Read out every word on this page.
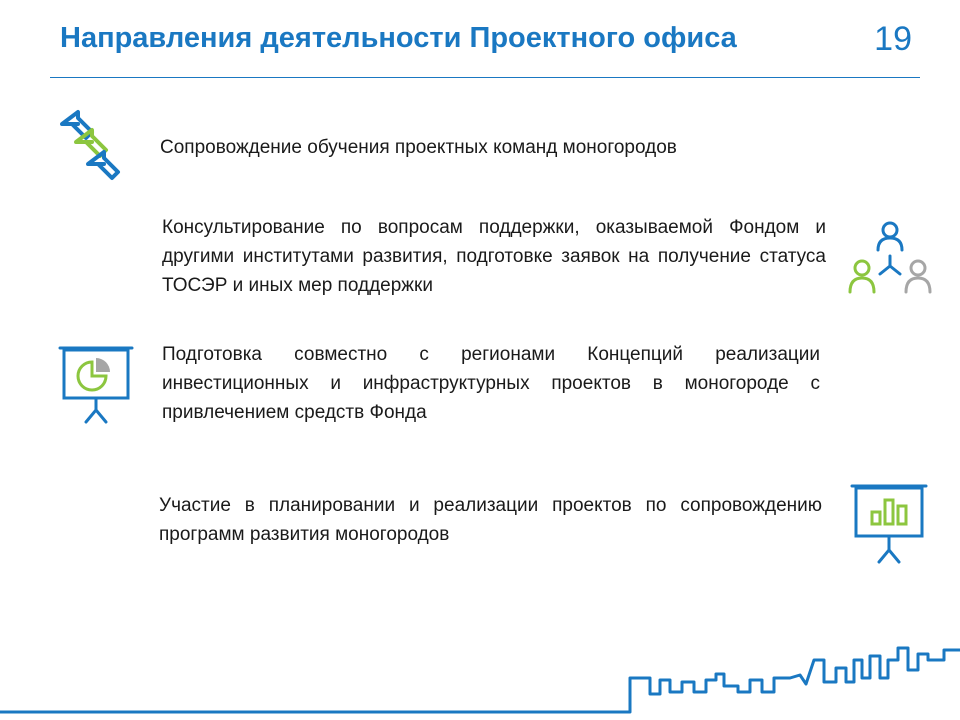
Направления деятельности Проектного офиса	19
Сопровождение обучения проектных команд моногородов
Консультирование по вопросам поддержки, оказываемой Фондом и другими институтами развития, подготовке заявок на получение статуса ТОСЭР и иных мер поддержки
Подготовка совместно с регионами Концепций реализации инвестиционных и инфраструктурных проектов в моногороде с привлечением средств Фонда
Участие в планировании и реализации проектов по сопровождению программ развития моногородов
